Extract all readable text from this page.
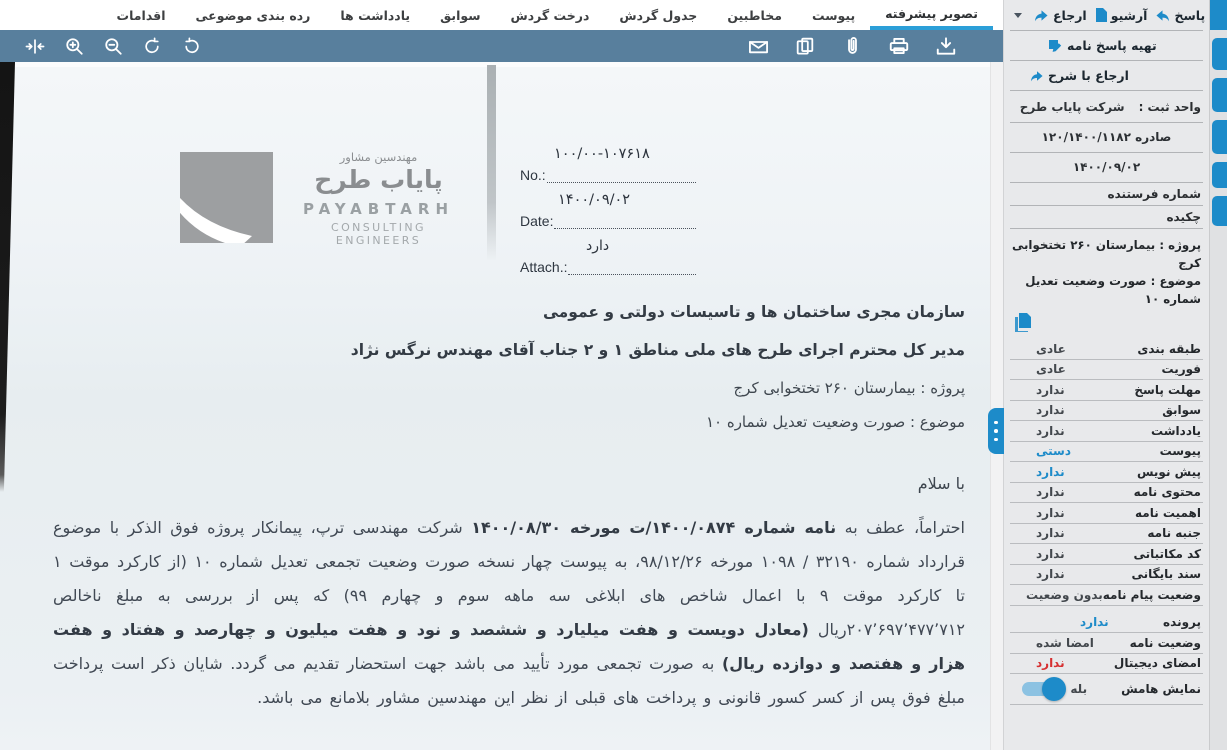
تصویر پیشرفته
پیوست
مخاطبین
جدول گردش
درخت گردش
سوابق
یادداشت ها
رده بندی موضوعی
اقدامات
مهندسین مشاور
پایاب طرح
PAYABTARH
CONSULTING ENGINEERS
۱۰۰/۰۰-۱۰۷۶۱۸
No.:
۱۴۰۰/۰۹/۰۲
Date:
دارد
Attach.:
سازمان مجری ساختمان ها و تاسیسات دولتی و عمومی
مدیر کل محترم اجرای طرح های ملی مناطق ۱ و ۲ جناب آقای مهندس نرگس نژاد
پروژه : بیمارستان ۲۶۰ تختخوابی کرج
موضوع : صورت وضعیت تعدیل شماره ۱۰
با سلام
احتراماً، عطف به نامه شماره ۱۴۰۰/۰۸۷۴/ت مورخه ۱۴۰۰/۰۸/۳۰ شرکت مهندسی ترپ، پیمانکار پروژه فوق الذکر با موضوع قرارداد شماره ۳۲۱۹۰ / ۱۰۹۸ مورخه ۹۸/۱۲/۲۶، به پیوست چهار نسخه صورت وضعیت تجمعی تعدیل شماره ۱۰ (از کارکرد موقت ۱ تا کارکرد موقت ۹ با اعمال شاخص های ابلاغی سه ماهه سوم و چهارم ۹۹) که پس از بررسی به مبلغ ناخالص ۲۰۷٬۶۹۷٬۴۷۷٬۷۱۲ریال (معادل دویست و هفت میلیارد و ششصد و نود و هفت میلیون و چهارصد و هفتاد و هفت هزار و هفتصد و دوازده ریال) به صورت تجمعی مورد تأیید می باشد جهت استحضار تقدیم می گردد. شایان ذکر است پرداخت مبلغ فوق پس از کسر کسور قانونی و پرداخت های قبلی از نظر این مهندسین مشاور بلامانع می باشد.
ارجاع آرشیو پاسخ
تهیه پاسخ نامه
ارجاع با شرح
واحد ثبت :
شرکت پایاب طرح
صادره ۱۲۰/۱۴۰۰/۱۱۸۲
۱۴۰۰/۰۹/۰۲
شماره فرستنده
چکیده
پروژه : بیمارستان ۲۶۰ تختخوابی کرج
موضوع : صورت وضعیت تعدیل شماره ۱۰
طبقه بندی
عادی
فوریت
عادی
مهلت پاسخ
ندارد
سوابق
ندارد
یادداشت
ندارد
پیوست
دستی
پیش نویس
ندارد
محتوی نامه
ندارد
اهمیت نامه
ندارد
جنبه نامه
ندارد
کد مکاتباتی
ندارد
سند بایگانی
ندارد
وضعیت پیام نامه
بدون وضعیت
پرونده
ندارد
وضعیت نامه
امضا شده
امضای دیجیتال
ندارد
نمایش هامش
بله
